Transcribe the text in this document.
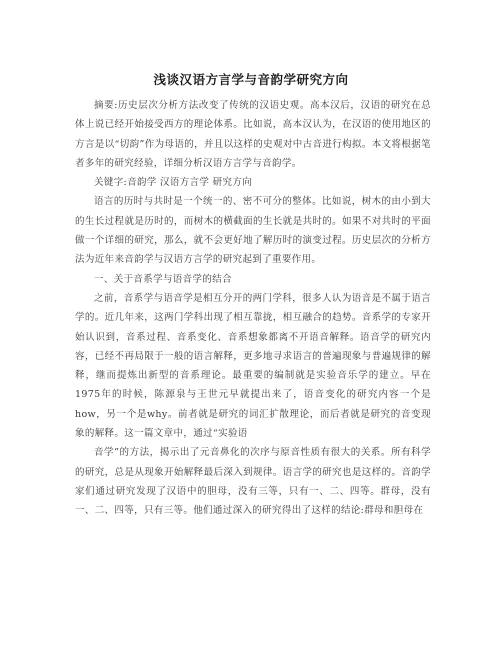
浅谈汉语方言学与音韵学研究方向

摘要:历史层次分析方法改变了传统的汉语史观。高本汉后，汉语的研究在总体上说已经开始接受西方的理论体系。比如说，高本汉认为，在汉语的使用地区的方言是以“切韵”作为母语的，并且以这样的史观对中古音进行构拟。本文将根据笔者多年的研究经验，详细分析汉语方言学与音韵学。

关键字:音韵学 汉语方言学 研究方向

语言的历时与共时是一个统一的、密不可分的整体。比如说，树木的由小到大的生长过程就是历时的，而树木的横截面的生长就是共时的。如果不对共时的平面做一个详细的研究，那么，就不会更好地了解历时的演变过程。历史层次的分析方法为近年来音韵学与汉语方言学的研究起到了重要作用。

一、关于音系学与语音学的结合

之前，音系学与语音学是相互分开的两门学科，很多人认为语音是不属于语言学的。近几年来，这两门学科出现了相互靠拢，相互融合的趋势。音系学的专家开始认识到，音系过程、音系变化、音系想象都离不开语音解释。语音学的研究内容，已经不再局限于一般的语言解释，更多地寻求语言的普遍现象与普遍规律的解释，继而提炼出新型的音系理论。最重要的编制就是实验音乐学的建立。早在1975年的时候，陈源泉与王世元早就提出来了，语音变化的研究内容一个是how，另一个是why。前者就是研究的词汇扩散理论，而后者就是研究的音变现象的解释。这一篇文章中，通过“实验语

音学”的方法，揭示出了元音鼻化的次序与原音性质有很大的关系。所有科学的研究，总是从现象开始解释最后深入到规律。语言学的研究也是这样的。音韵学家们通过研究发现了汉语中的胆母，没有三等，只有一、二、四等。群母，没有一、二、四等，只有三等。他们通过深入的研究得出了这样的结论:群母和胆母在
